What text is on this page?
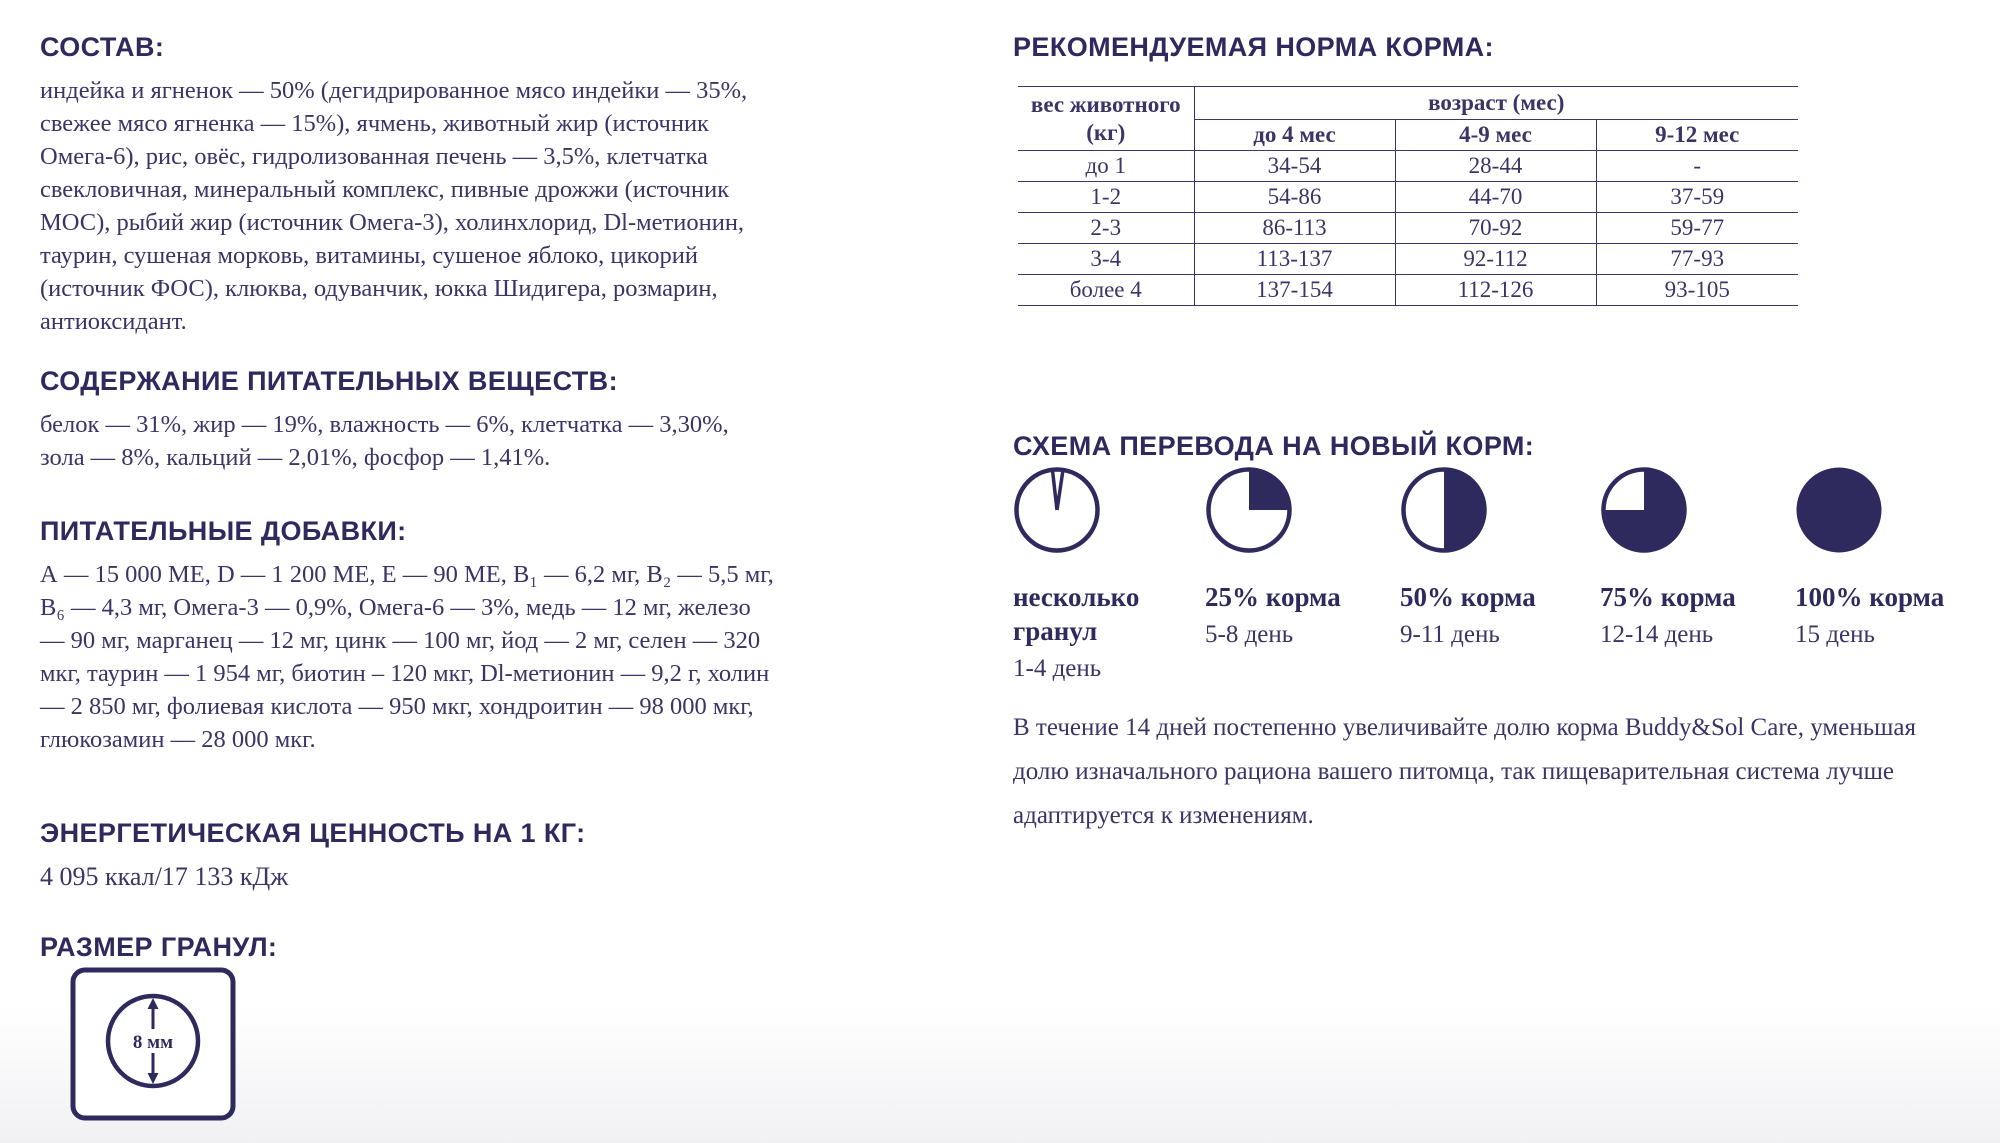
СОСТАВ:
индейка и ягненок — 50% (дегидрированное мясо индейки — 35%, свежее мясо ягненка — 15%), ячмень, животный жир (источник Омега-6), рис, овёс, гидролизованная печень — 3,5%, клетчатка свекловичная, минеральный комплекс, пивные дрожжи (источник МОС), рыбий жир (источник Омега-3), холинхлорид, Dl-метионин, таурин, сушеная морковь, витамины, сушеное яблоко, цикорий (источник ФОС), клюква, одуванчик, юкка Шидигера, розмарин, антиоксидант.
СОДЕРЖАНИЕ ПИТАТЕЛЬНЫХ ВЕЩЕСТВ:
белок — 31%, жир — 19%, влажность — 6%, клетчатка — 3,30%, зола — 8%, кальций — 2,01%, фосфор — 1,41%.
ПИТАТЕЛЬНЫЕ ДОБАВКИ:
А — 15 000 МЕ, D — 1 200 МЕ, Е — 90 МЕ, B₁ — 6,2 мг, B₂ — 5,5 мг, B₆ — 4,3 мг, Омега-3 — 0,9%, Омега-6 — 3%, медь — 12 мг, железо — 90 мг, марганец — 12 мг, цинк — 100 мг, йод — 2 мг, селен — 320 мкг, таурин — 1 954 мг, биотин – 120 мкг, Dl-метионин — 9,2 г, холин — 2 850 мг, фолиевая кислота — 950 мкг, хондроитин — 98 000 мкг, глюкозамин — 28 000 мкг.
ЭНЕРГЕТИЧЕСКАЯ ЦЕННОСТЬ НА 1 КГ:
4 095 ккал/17 133 кДж
РАЗМЕР ГРАНУЛ:
8 мм
РЕКОМЕНДУЕМАЯ НОРМА КОРМА:
вес животного
(кг)	возраст (мес)		
	до 4 мес	4-9 мес	9-12 мес
до 1	34-54	28-44	-
1-2	54-86	44-70	37-59
2-3	86-113	70-92	59-77
3-4	113-137	92-112	77-93
более 4	137-154	112-126	93-105
СХЕМА ПЕРЕВОДА НА НОВЫЙ КОРМ:
несколько гранул
1-4 день
25% корма
5-8 день
50% корма
9-11 день
75% корма
12-14 день
100% корма
15 день
В течение 14 дней постепенно увеличивайте долю корма Buddy&Sol Care, уменьшая долю изначального рациона вашего питомца, так пищеварительная система лучше адаптируется к изменениям.
